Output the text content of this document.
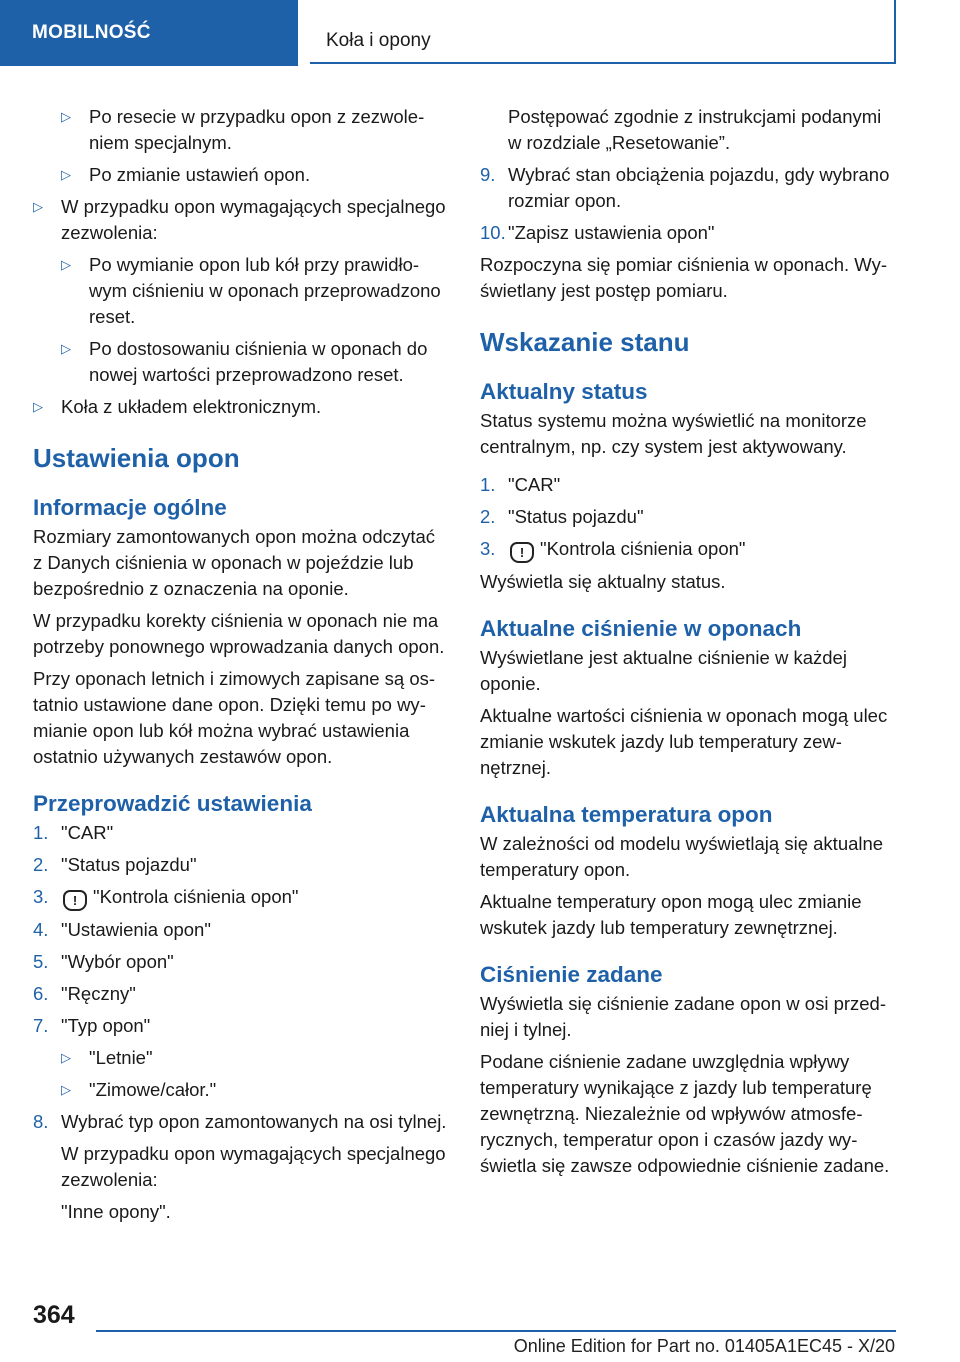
MOBILNOŚĆ	Koła i opony
▷ Po resecie w przypadku opon z zezwoleniem specjalnym.
▷ Po zmianie ustawień opon.
▷ W przypadku opon wymagających specjalnego zezwolenia:
▷ Po wymianie opon lub kół przy prawidłowym ciśnieniu w oponach przeprowadzono reset.
▷ Po dostosowaniu ciśnienia w oponach do nowej wartości przeprowadzono reset.
▷ Koła z układem elektronicznym.
Ustawienia opon
Informacje ogólne

Rozmiary zamontowanych opon można odczytać z Danych ciśnienia w oponach w pojeździe lub bezpośrednio z oznaczenia na oponie.

W przypadku korekty ciśnienia w oponach nie ma potrzeby ponownego wprowadzania danych opon.

Przy oponach letnich i zimowych zapisane są ostatnio ustawione dane opon. Dzięki temu po wymianie opon lub kół można wybrać ustawienia ostatnio używanych zestawów opon.

Przeprowadzić ustawienia
1. "CAR"
2. "Status pojazdu"
3.	! "Kontrola ciśnienia opon"
4. "Ustawienia opon"
5. "Wybór opon"
6. "Ręczny"
7. "Typ opon"
▷ "Letnie"
▷ "Zimowe/całor."
8. Wybrać typ opon zamontowanych na osi tylnej.

W przypadku opon wymagających specjalnego zezwolenia:

"Inne opony".

Postępować zgodnie z instrukcjami podanymi w rozdziale „Resetowanie”.

9. Wybrać stan obciążenia pojazdu, gdy wybrano rozmiar opon.
10. "Zapisz ustawienia opon"

Rozpoczyna się pomiar ciśnienia w oponach. Wyświetlany jest postęp pomiaru.

Wskazanie stanu
Aktualny status

Status systemu można wyświetlić na monitorze centralnym, np. czy system jest aktywowany.

1. "CAR"
2. "Status pojazdu"
3.	! "Kontrola ciśnienia opon"

Wyświetla się aktualny status.

Aktualne ciśnienie w oponach

Wyświetlane jest aktualne ciśnienie w każdej oponie.

Aktualne wartości ciśnienia w oponach mogą ulec zmianie wskutek jazdy lub temperatury zewnętrznej.

Aktualna temperatura opon

W zależności od modelu wyświetlają się aktualne temperatury opon.

Aktualne temperatury opon mogą ulec zmianie wskutek jazdy lub temperatury zewnętrznej.

Ciśnienie zadane

Wyświetla się ciśnienie zadane opon w osi przedniej i tylnej.

Podane ciśnienie zadane uwzględnia wpływy temperatury wynikające z jazdy lub temperaturę zewnętrzną. Niezależnie od wpływów atmosferycznych, temperatur opon i czasów jazdy wyświetla się zawsze odpowiednie ciśnienie zadane.

364
Online Edition for Part no. 01405A1EC45 - X/20
